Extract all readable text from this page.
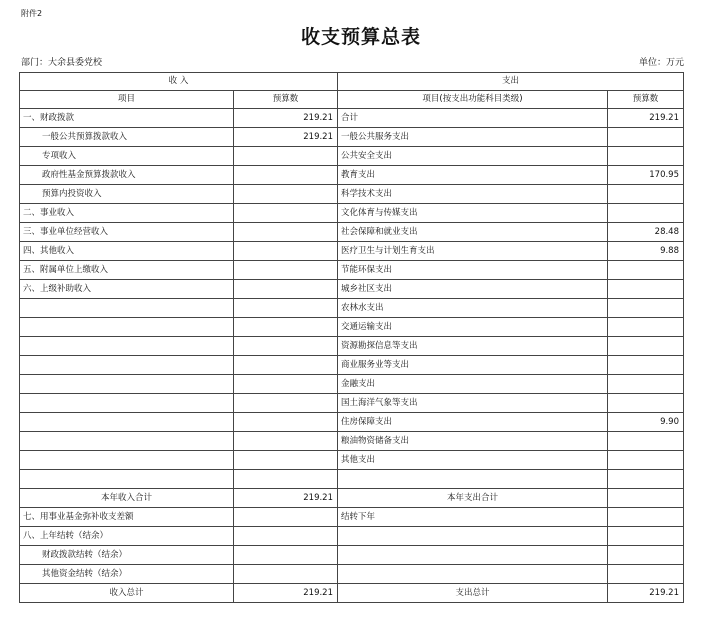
附件2
收支预算总表
部门：大余县委党校	单位：万元
收 入		支出	
项目	预算数	项目(按支出功能科目类级)	预算数
一、财政拨款	219.21	合计	219.21
一般公共预算拨款收入	219.21	一般公共服务支出	
专项收入		公共安全支出	
政府性基金预算拨款收入		教育支出	170.95
预算内投资收入		科学技术支出	
二、事业收入		文化体育与传媒支出	
三、事业单位经营收入		社会保障和就业支出	28.48
四、其他收入		医疗卫生与计划生育支出	9.88
五、附属单位上缴收入		节能环保支出	
六、上级补助收入		城乡社区支出	
		农林水支出	
		交通运输支出	
		资源勘探信息等支出	
		商业服务业等支出	
		金融支出	
		国土海洋气象等支出	
		住房保障支出	9.90
		粮油物资储备支出	
		其他支出	

本年收入合计	219.21	本年支出合计	
七、用事业基金弥补收支差额		结转下年	
八、上年结转（结余）			
财政拨款结转（结余）			
其他资金结转（结余）			
收入总计	219.21	支出总计	219.21
